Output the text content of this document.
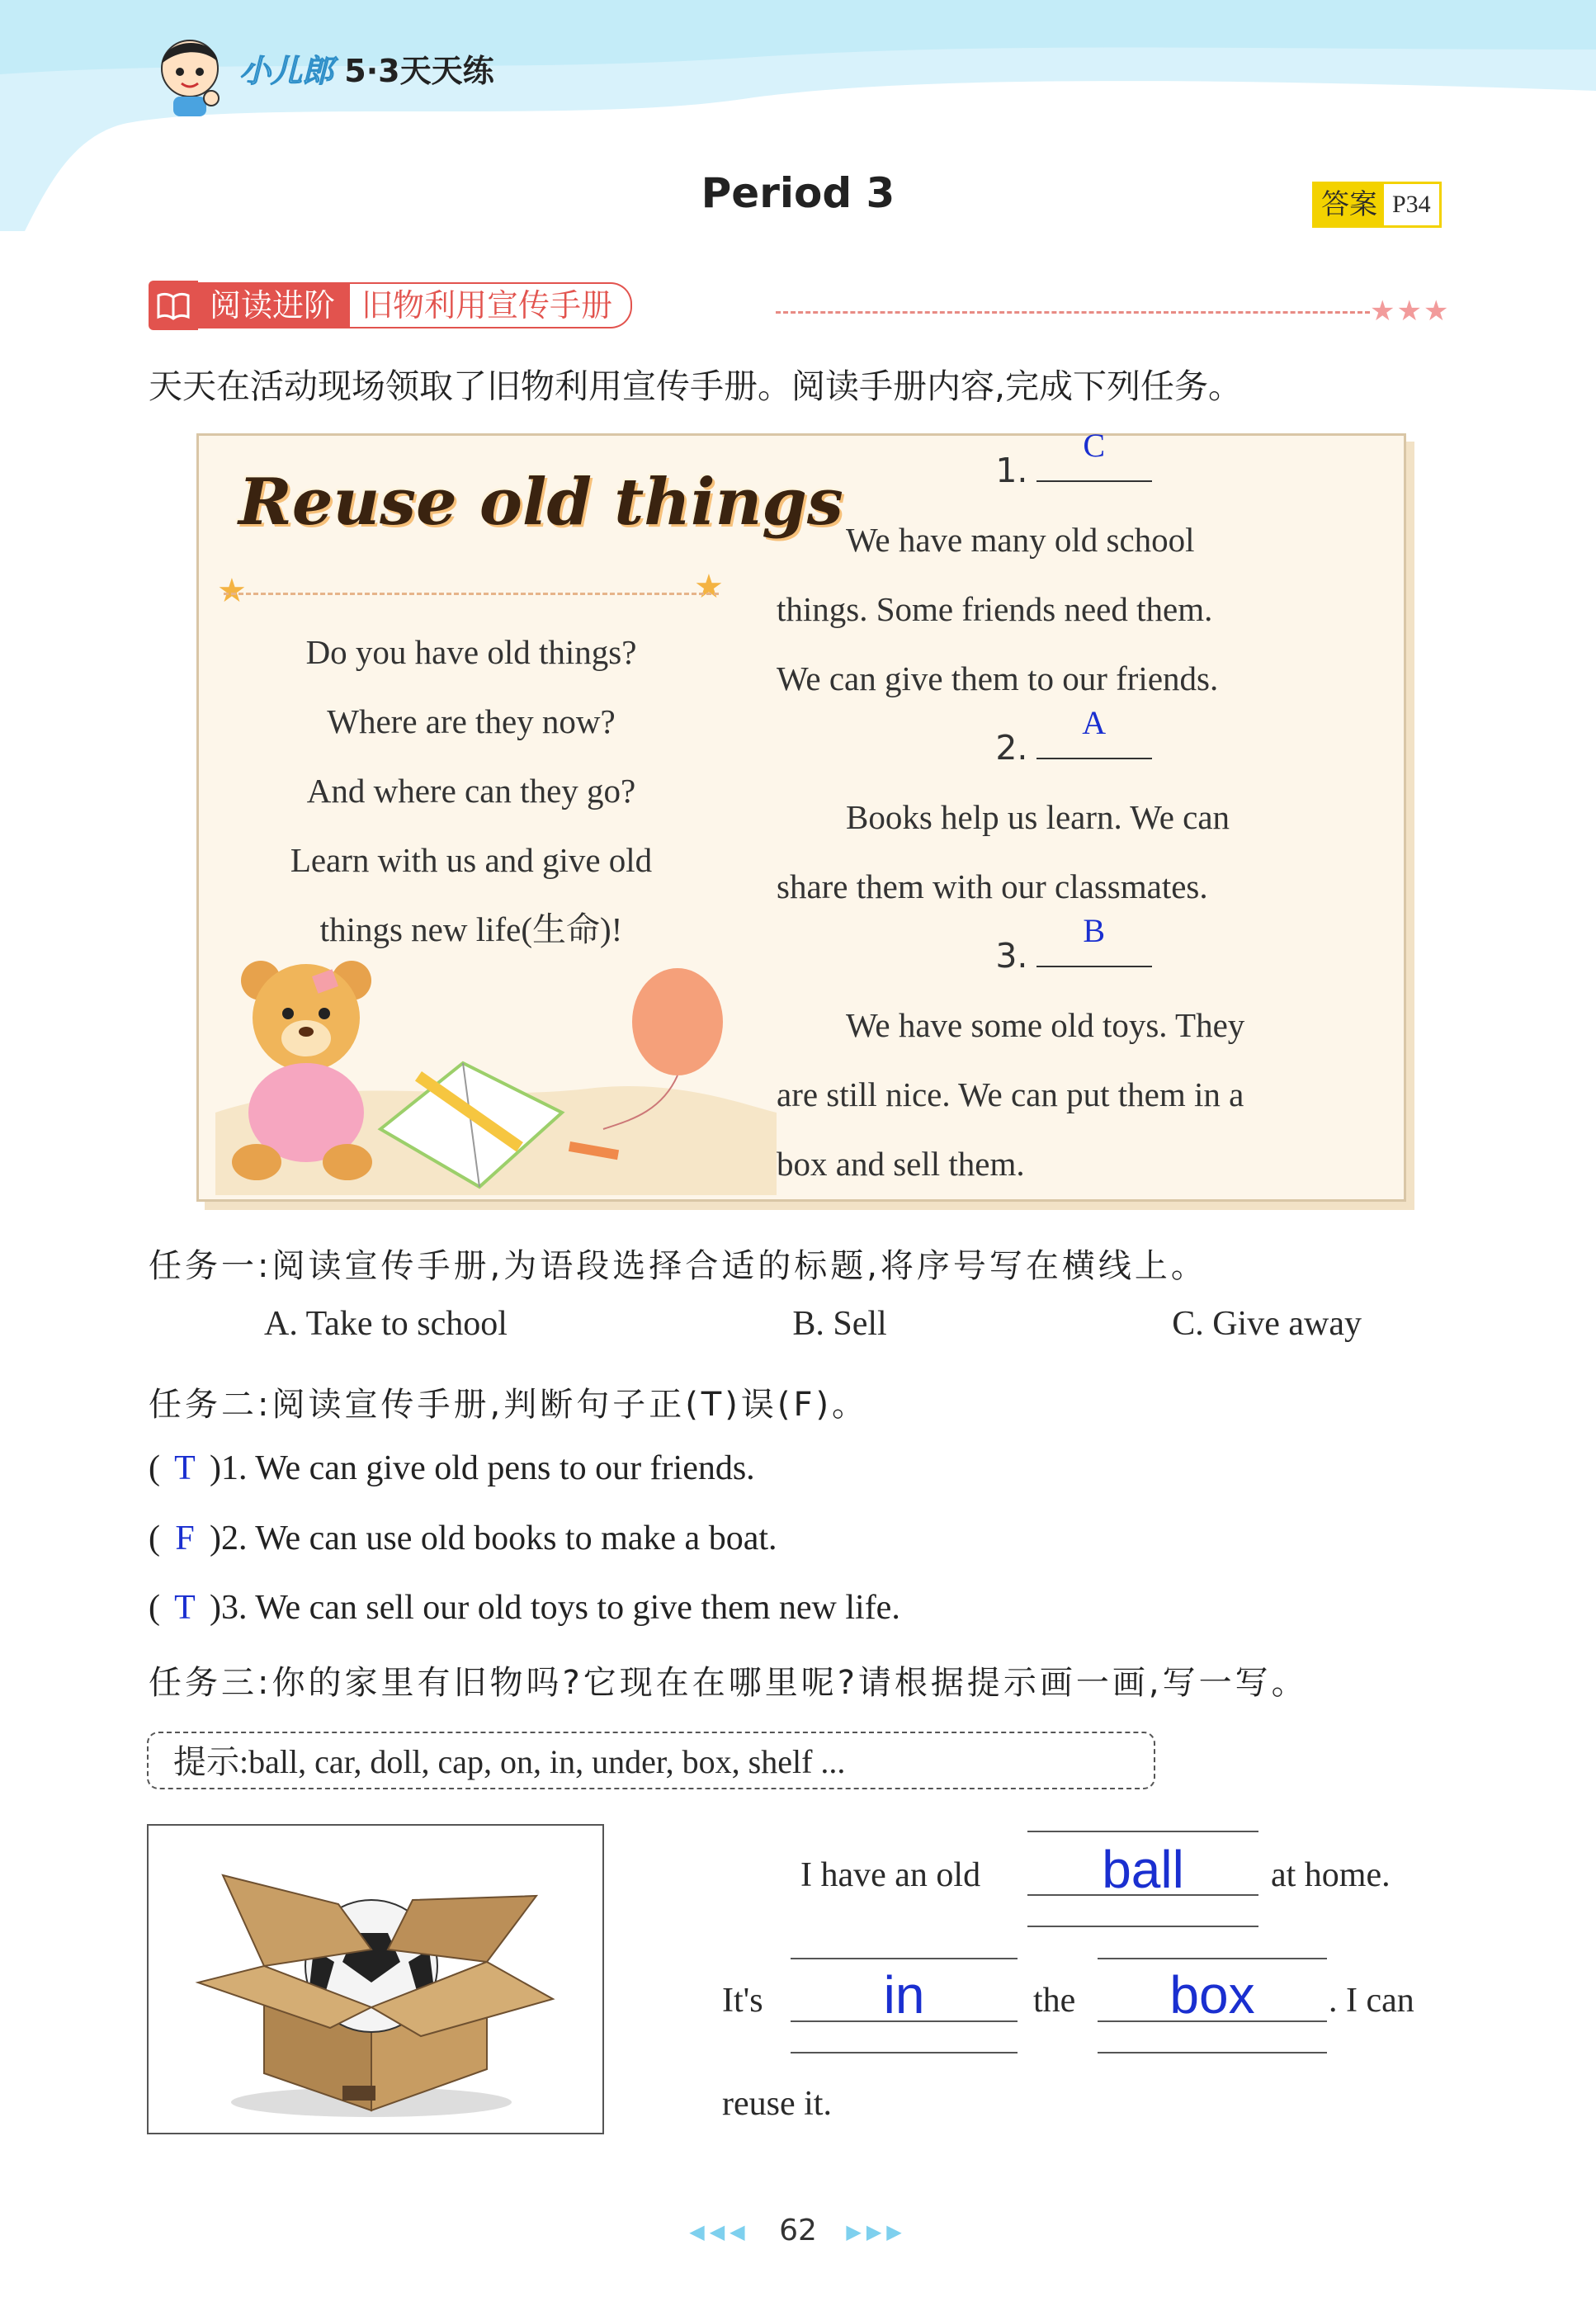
小儿郎 5·3天天练
Period 3	答案 P34
阅读进阶 旧物利用宣传手册	★★★
天天在活动现场领取了旧物利用宣传手册。阅读手册内容,完成下列任务。
Reuse old things
★	★
Do you have old things?
Where are they now?
And where can they go?
Learn with us and give old
things new life(生命)!
1.
C
We have many old school
things. Some friends need them.
We can give them to our friends.
2.
A
Books help us learn. We can
share them with our classmates.
3.
B
We have some old toys. They
are still nice. We can put them in a
box and sell them.
任务一:阅读宣传手册,为语段选择合适的标题,将序号写在横线上。
A. Take to school	B. Sell	C. Give away
任务二:阅读宣传手册,判断句子正(T)误(F)。
( T )1. We can give old pens to our friends.
( F )2. We can use old books to make a boat.
( T )3. We can sell our old toys to give them new life.
任务三:你的家里有旧物吗?它现在在哪里呢?请根据提示画一画,写一写。
提示:ball, car, doll, cap, on, in, under, box, shelf ...
I have an old	ball	at home.
It's	in	the	box	. I can
reuse it.
◀◀◀ 62 ▶▶▶
